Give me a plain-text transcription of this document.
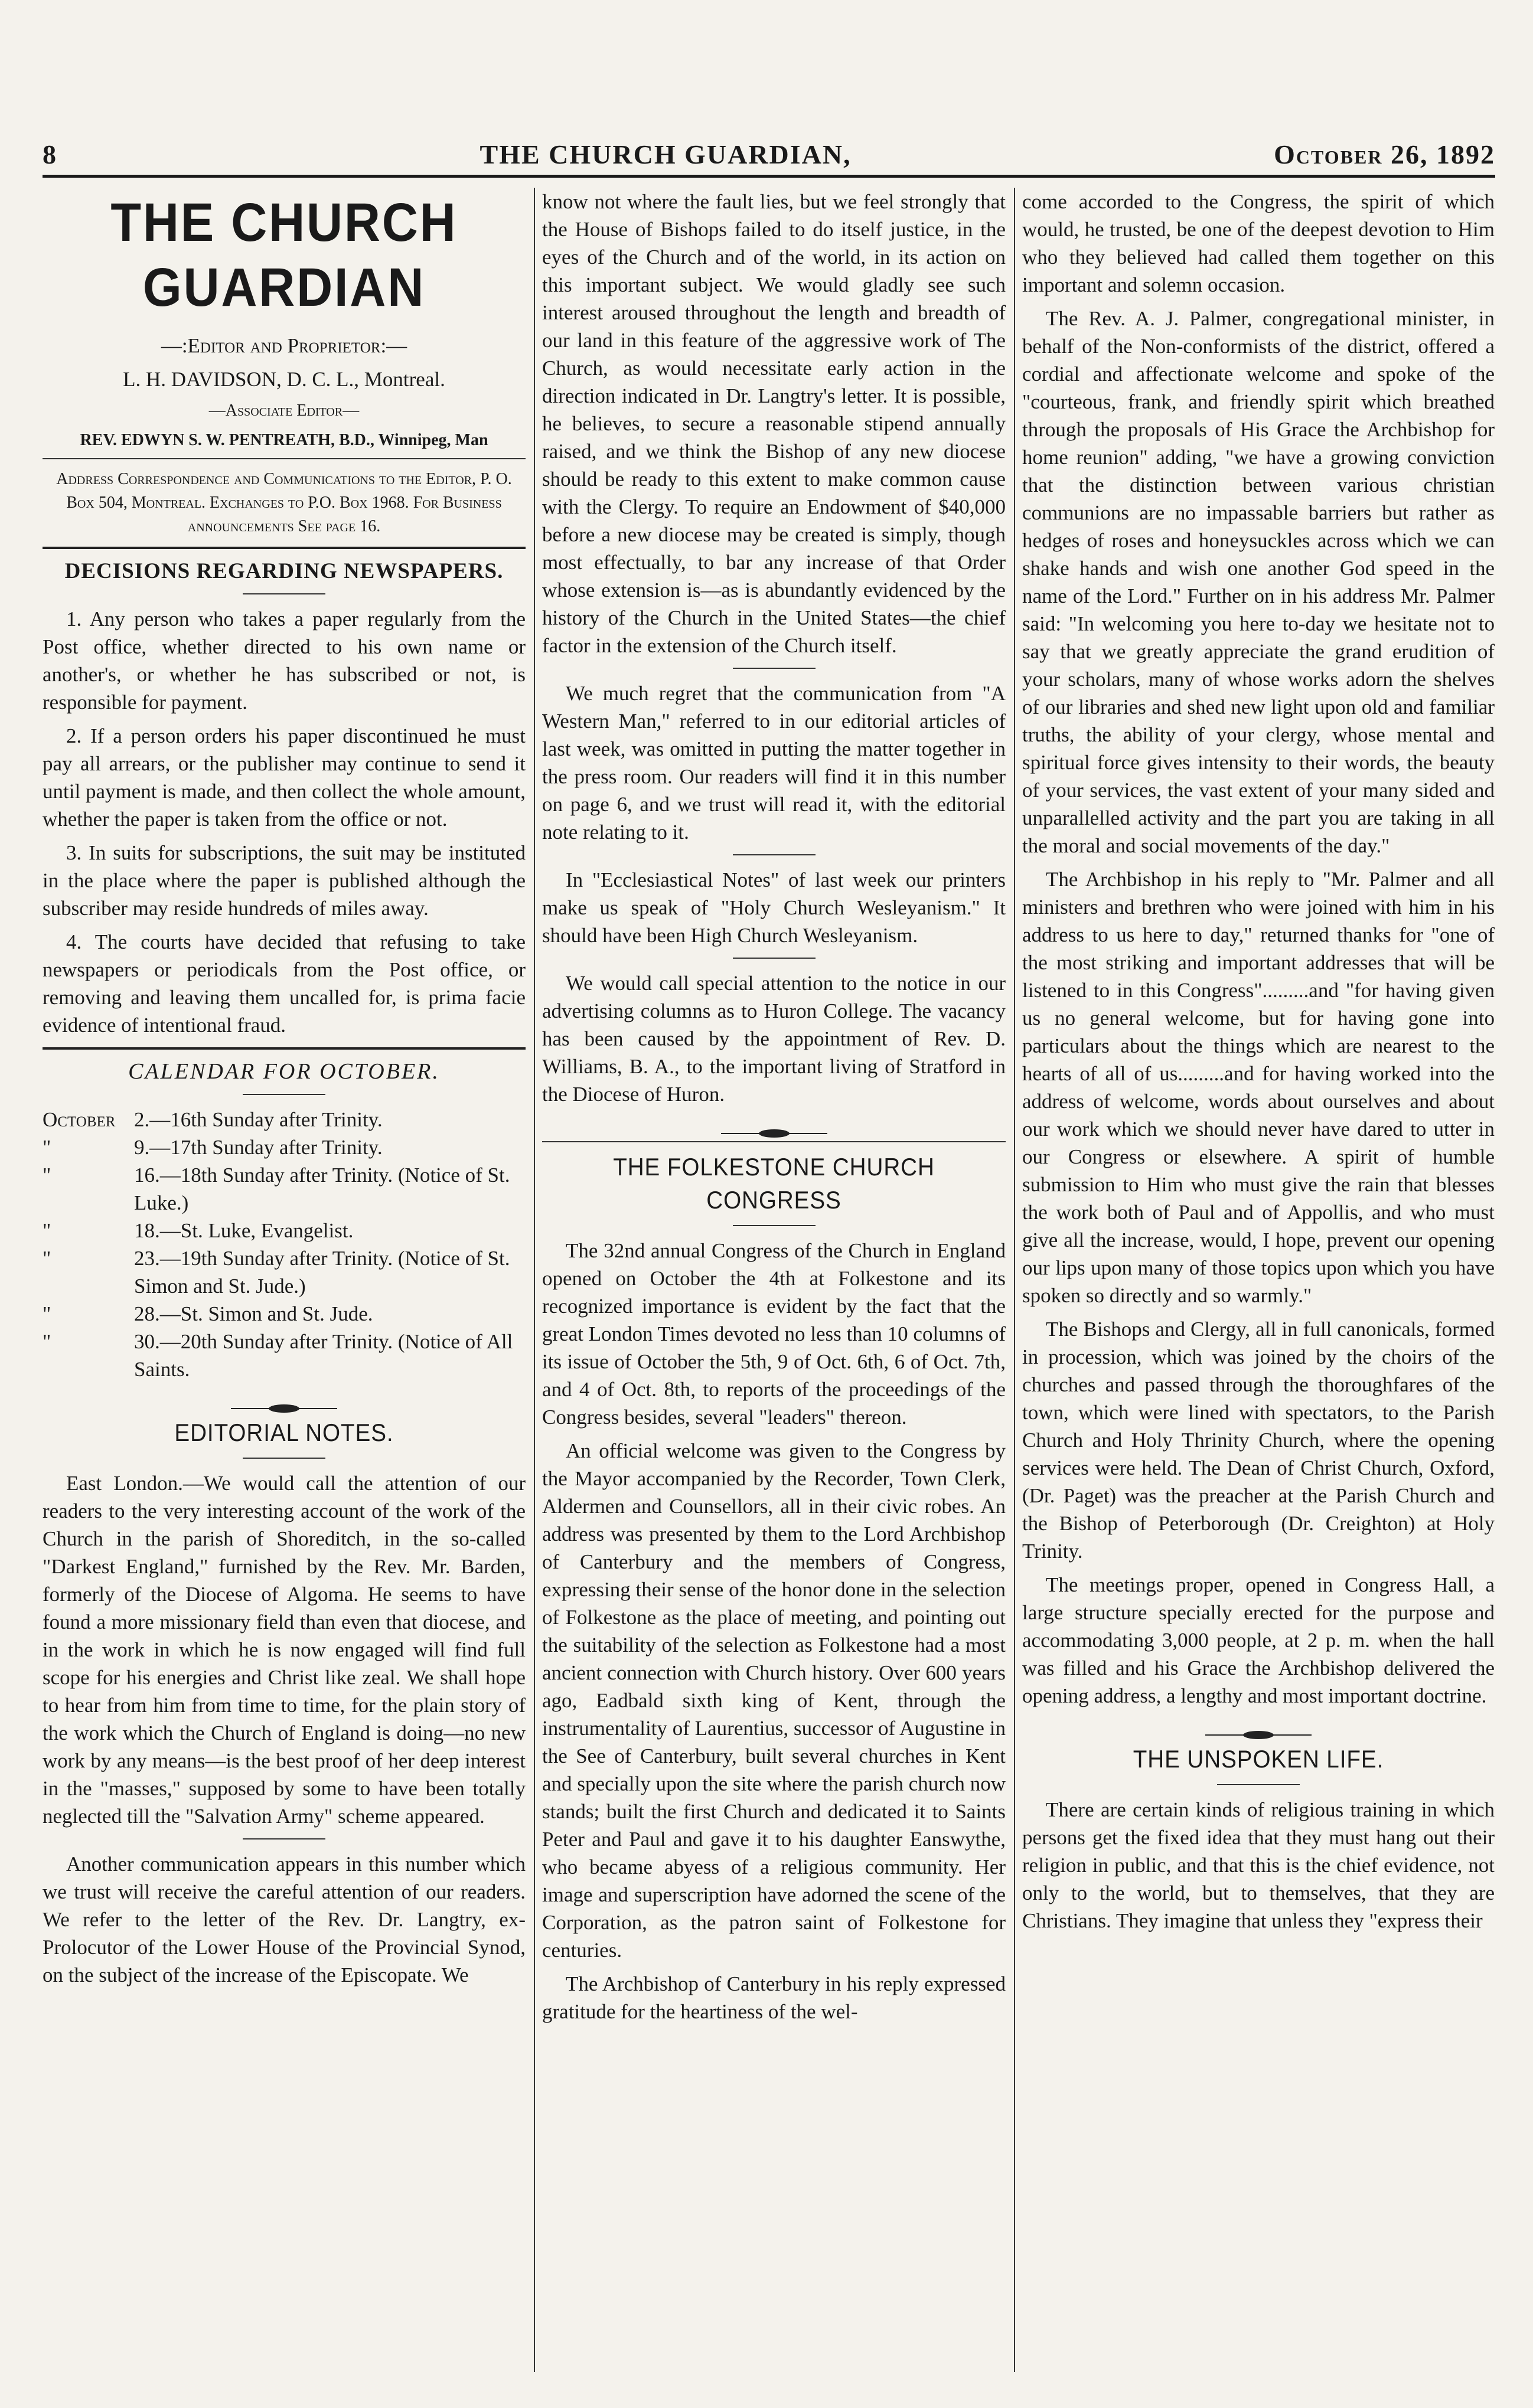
8	THE CHURCH GUARDIAN,	October 26, 1892
THE CHURCH GUARDIAN

—:Editor and Proprietor:—

L. H. DAVIDSON, D. C. L., Montreal.

—Associate Editor—

REV. EDWYN S. W. PENTREATH, B.D., Winnipeg, Man

Address Correspondence and Communications to the Editor, P. O. Box 504, Montreal. Exchanges to P.O. Box 1968. For Business announcements See page 16.

DECISIONS REGARDING NEWSPAPERS.

1. Any person who takes a paper regularly from the Post office, whether directed to his own name or another's, or whether he has subscribed or not, is responsible for payment.

2. If a person orders his paper discontinued he must pay all arrears, or the publisher may continue to send it until payment is made, and then collect the whole amount, whether the paper is taken from the office or not.

3. In suits for subscriptions, the suit may be instituted in the place where the paper is published although the subscriber may reside hundreds of miles away.

4. The courts have decided that refusing to take newspapers or periodicals from the Post office, or removing and leaving them uncalled for, is prima facie evidence of intentional fraud.

CALENDAR FOR OCTOBER.
October 2.—16th Sunday after Trinity.
"	9.—17th Sunday after Trinity.
"	16.—18th Sunday after Trinity. (Notice of St. Luke.)
"	18.—St. Luke, Evangelist.
"	23.—19th Sunday after Trinity. (Notice of St. Simon and St. Jude.)
"	28.—St. Simon and St. Jude.
"	30.—20th Sunday after Trinity. (Notice of All Saints.
EDITORIAL NOTES.

East London.—We would call the attention of our readers to the very interesting account of the work of the Church in the parish of Shoreditch, in the so-called "Darkest England," furnished by the Rev. Mr. Barden, formerly of the Diocese of Algoma. He seems to have found a more missionary field than even that diocese, and in the work in which he is now engaged will find full scope for his energies and Christ like zeal. We shall hope to hear from him from time to time, for the plain story of the work which the Church of England is doing—no new work by any means—is the best proof of her deep interest in the "masses," supposed by some to have been totally neglected till the "Salvation Army" scheme appeared.

Another communication appears in this number which we trust will receive the careful attention of our readers. We refer to the letter of the Rev. Dr. Langtry, ex-Prolocutor of the Lower House of the Provincial Synod, on the subject of the increase of the Episcopate. We

know not where the fault lies, but we feel strongly that the House of Bishops failed to do itself justice, in the eyes of the Church and of the world, in its action on this important subject. We would gladly see such interest aroused throughout the length and breadth of our land in this feature of the aggressive work of The Church, as would necessitate early action in the direction indicated in Dr. Langtry's letter. It is possible, he believes, to secure a reasonable stipend annually raised, and we think the Bishop of any new diocese should be ready to this extent to make common cause with the Clergy. To require an Endowment of $40,000 before a new diocese may be created is simply, though most effectually, to bar any increase of that Order whose extension is—as is abundantly evidenced by the history of the Church in the United States—the chief factor in the extension of the Church itself.

We much regret that the communication from "A Western Man," referred to in our editorial articles of last week, was omitted in putting the matter together in the press room. Our readers will find it in this number on page 6, and we trust will read it, with the editorial note relating to it.

In "Ecclesiastical Notes" of last week our printers make us speak of "Holy Church Wesleyanism." It should have been High Church Wesleyanism.

We would call special attention to the notice in our advertising columns as to Huron College. The vacancy has been caused by the appointment of Rev. D. Williams, B. A., to the important living of Stratford in the Diocese of Huron.

THE FOLKESTONE CHURCH CONGRESS

The 32nd annual Congress of the Church in England opened on October the 4th at Folkestone and its recognized importance is evident by the fact that the great London Times devoted no less than 10 columns of its issue of October the 5th, 9 of Oct. 6th, 6 of Oct. 7th, and 4 of Oct. 8th, to reports of the proceedings of the Congress besides, several "leaders" thereon.

An official welcome was given to the Congress by the Mayor accompanied by the Recorder, Town Clerk, Aldermen and Counsellors, all in their civic robes. An address was presented by them to the Lord Archbishop of Canterbury and the members of Congress, expressing their sense of the honor done in the selection of Folkestone as the place of meeting, and pointing out the suitability of the selection as Folkestone had a most ancient connection with Church history. Over 600 years ago, Eadbald sixth king of Kent, through the instrumentality of Laurentius, successor of Augustine in the See of Canterbury, built several churches in Kent and specially upon the site where the parish church now stands; built the first Church and dedicated it to Saints Peter and Paul and gave it to his daughter Eanswythe, who became abyess of a religious community. Her image and superscription have adorned the scene of the Corporation, as the patron saint of Folkestone for centuries.

The Archbishop of Canterbury in his reply expressed gratitude for the heartiness of the wel-

come accorded to the Congress, the spirit of which would, he trusted, be one of the deepest devotion to Him who they believed had called them together on this important and solemn occasion.

The Rev. A. J. Palmer, congregational minister, in behalf of the Non-conformists of the district, offered a cordial and affectionate welcome and spoke of the "courteous, frank, and friendly spirit which breathed through the proposals of His Grace the Archbishop for home reunion" adding, "we have a growing conviction that the distinction between various christian communions are no impassable barriers but rather as hedges of roses and honeysuckles across which we can shake hands and wish one another God speed in the name of the Lord." Further on in his address Mr. Palmer said: "In welcoming you here to-day we hesitate not to say that we greatly appreciate the grand erudition of your scholars, many of whose works adorn the shelves of our libraries and shed new light upon old and familiar truths, the ability of your clergy, whose mental and spiritual force gives intensity to their words, the beauty of your services, the vast extent of your many sided and unparallelled activity and the part you are taking in all the moral and social movements of the day."

The Archbishop in his reply to "Mr. Palmer and all ministers and brethren who were joined with him in his address to us here to day," returned thanks for "one of the most striking and important addresses that will be listened to in this Congress".........and "for having given us no general welcome, but for having gone into particulars about the things which are nearest to the hearts of all of us.........and for having worked into the address of welcome, words about ourselves and about our work which we should never have dared to utter in our Congress or elsewhere. A spirit of humble submission to Him who must give the rain that blesses the work both of Paul and of Appollis, and who must give all the increase, would, I hope, prevent our opening our lips upon many of those topics upon which you have spoken so directly and so warmly."

The Bishops and Clergy, all in full canonicals, formed in procession, which was joined by the choirs of the churches and passed through the thoroughfares of the town, which were lined with spectators, to the Parish Church and Holy Thrinity Church, where the opening services were held. The Dean of Christ Church, Oxford, (Dr. Paget) was the preacher at the Parish Church and the Bishop of Peterborough (Dr. Creighton) at Holy Trinity.

The meetings proper, opened in Congress Hall, a large structure specially erected for the purpose and accommodating 3,000 people, at 2 p. m. when the hall was filled and his Grace the Archbishop delivered the opening address, a lengthy and most important doctrine.

THE UNSPOKEN LIFE.

There are certain kinds of religious training in which persons get the fixed idea that they must hang out their religion in public, and that this is the chief evidence, not only to the world, but to themselves, that they are Christians. They imagine that unless they "express their
